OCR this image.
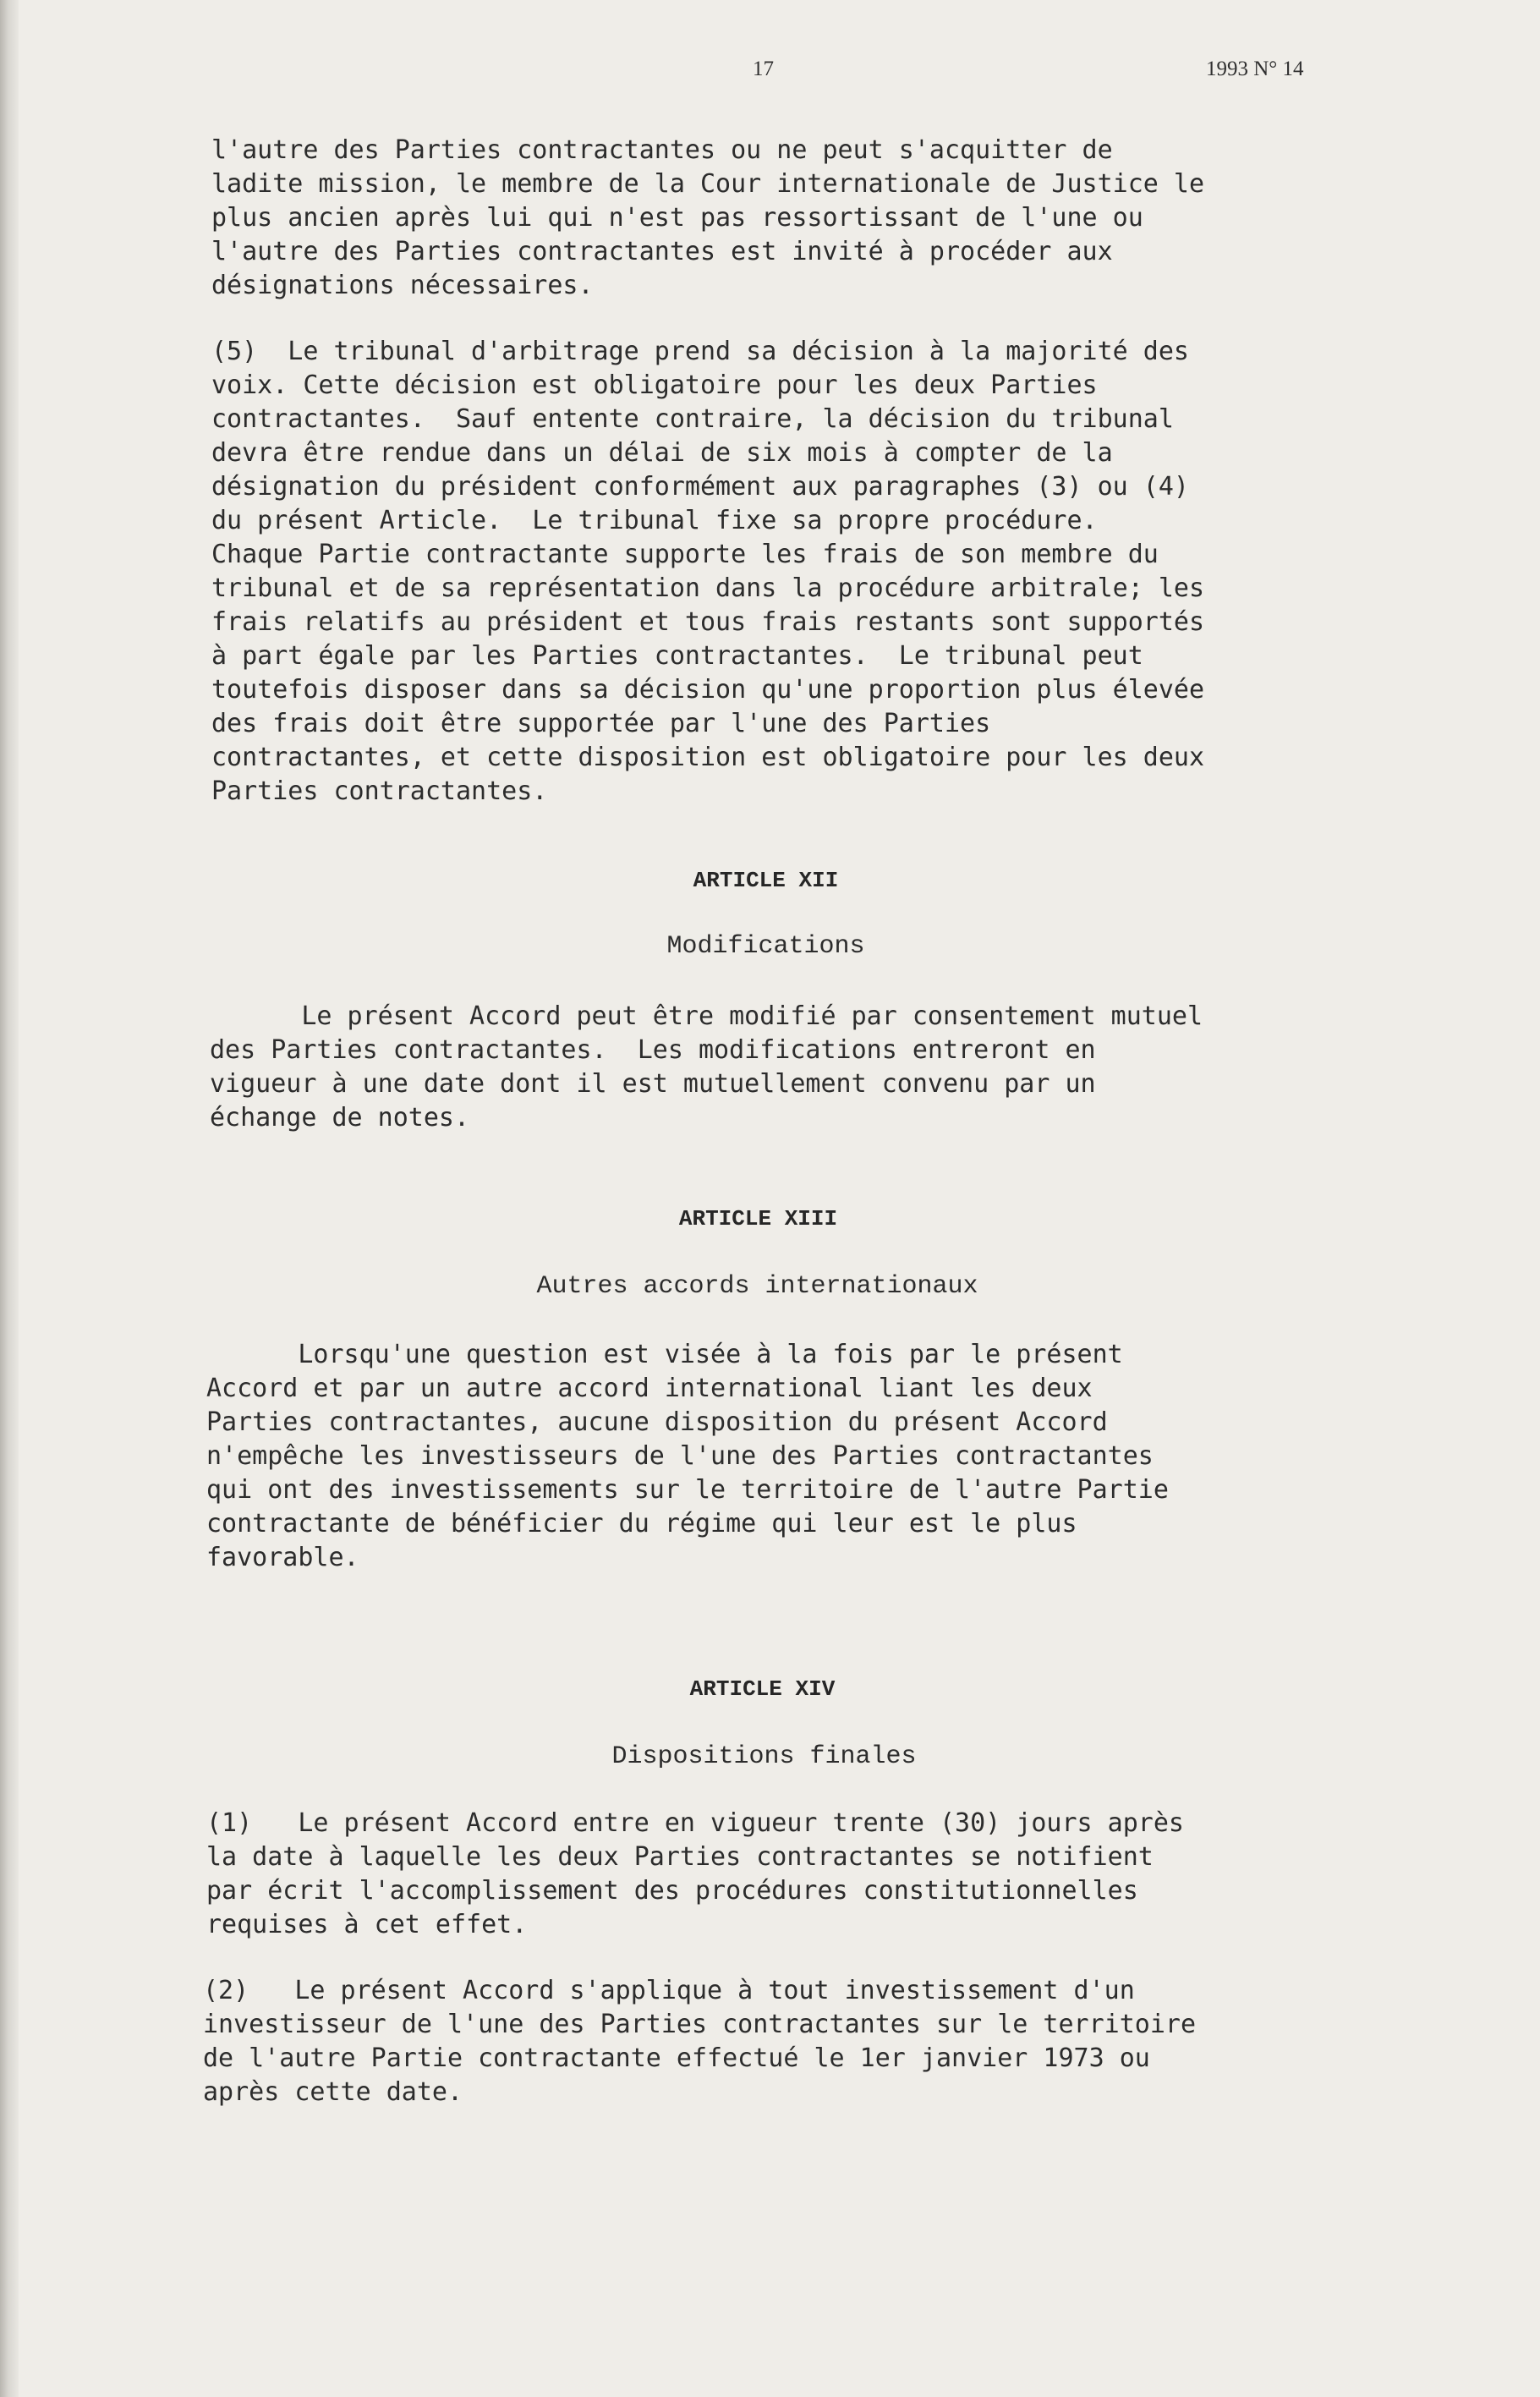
17	1993 N° 14
l'autre des Parties contractantes ou ne peut s'acquitter de
ladite mission, le membre de la Cour internationale de Justice le
plus ancien après lui qui n'est pas ressortissant de l'une ou
l'autre des Parties contractantes est invité à procéder aux
désignations nécessaires.
(5)  Le tribunal d'arbitrage prend sa décision à la majorité des
voix. Cette décision est obligatoire pour les deux Parties
contractantes.  Sauf entente contraire, la décision du tribunal
devra être rendue dans un délai de six mois à compter de la
désignation du président conformément aux paragraphes (3) ou (4)
du présent Article.  Le tribunal fixe sa propre procédure.
Chaque Partie contractante supporte les frais de son membre du
tribunal et de sa représentation dans la procédure arbitrale; les
frais relatifs au président et tous frais restants sont supportés
à part égale par les Parties contractantes.  Le tribunal peut
toutefois disposer dans sa décision qu'une proportion plus élevée
des frais doit être supportée par l'une des Parties
contractantes, et cette disposition est obligatoire pour les deux
Parties contractantes.
ARTICLE XII
Modifications
Le présent Accord peut être modifié par consentement mutuel
des Parties contractantes.  Les modifications entreront en
vigueur à une date dont il est mutuellement convenu par un
échange de notes.
ARTICLE XIII
Autres accords internationaux
Lorsqu'une question est visée à la fois par le présent
Accord et par un autre accord international liant les deux
Parties contractantes, aucune disposition du présent Accord
n'empêche les investisseurs de l'une des Parties contractantes
qui ont des investissements sur le territoire de l'autre Partie
contractante de bénéficier du régime qui leur est le plus
favorable.
ARTICLE XIV
Dispositions finales
(1)   Le présent Accord entre en vigueur trente (30) jours après
la date à laquelle les deux Parties contractantes se notifient
par écrit l'accomplissement des procédures constitutionnelles
requises à cet effet.
(2)   Le présent Accord s'applique à tout investissement d'un
investisseur de l'une des Parties contractantes sur le territoire
de l'autre Partie contractante effectué le 1er janvier 1973 ou
après cette date.
